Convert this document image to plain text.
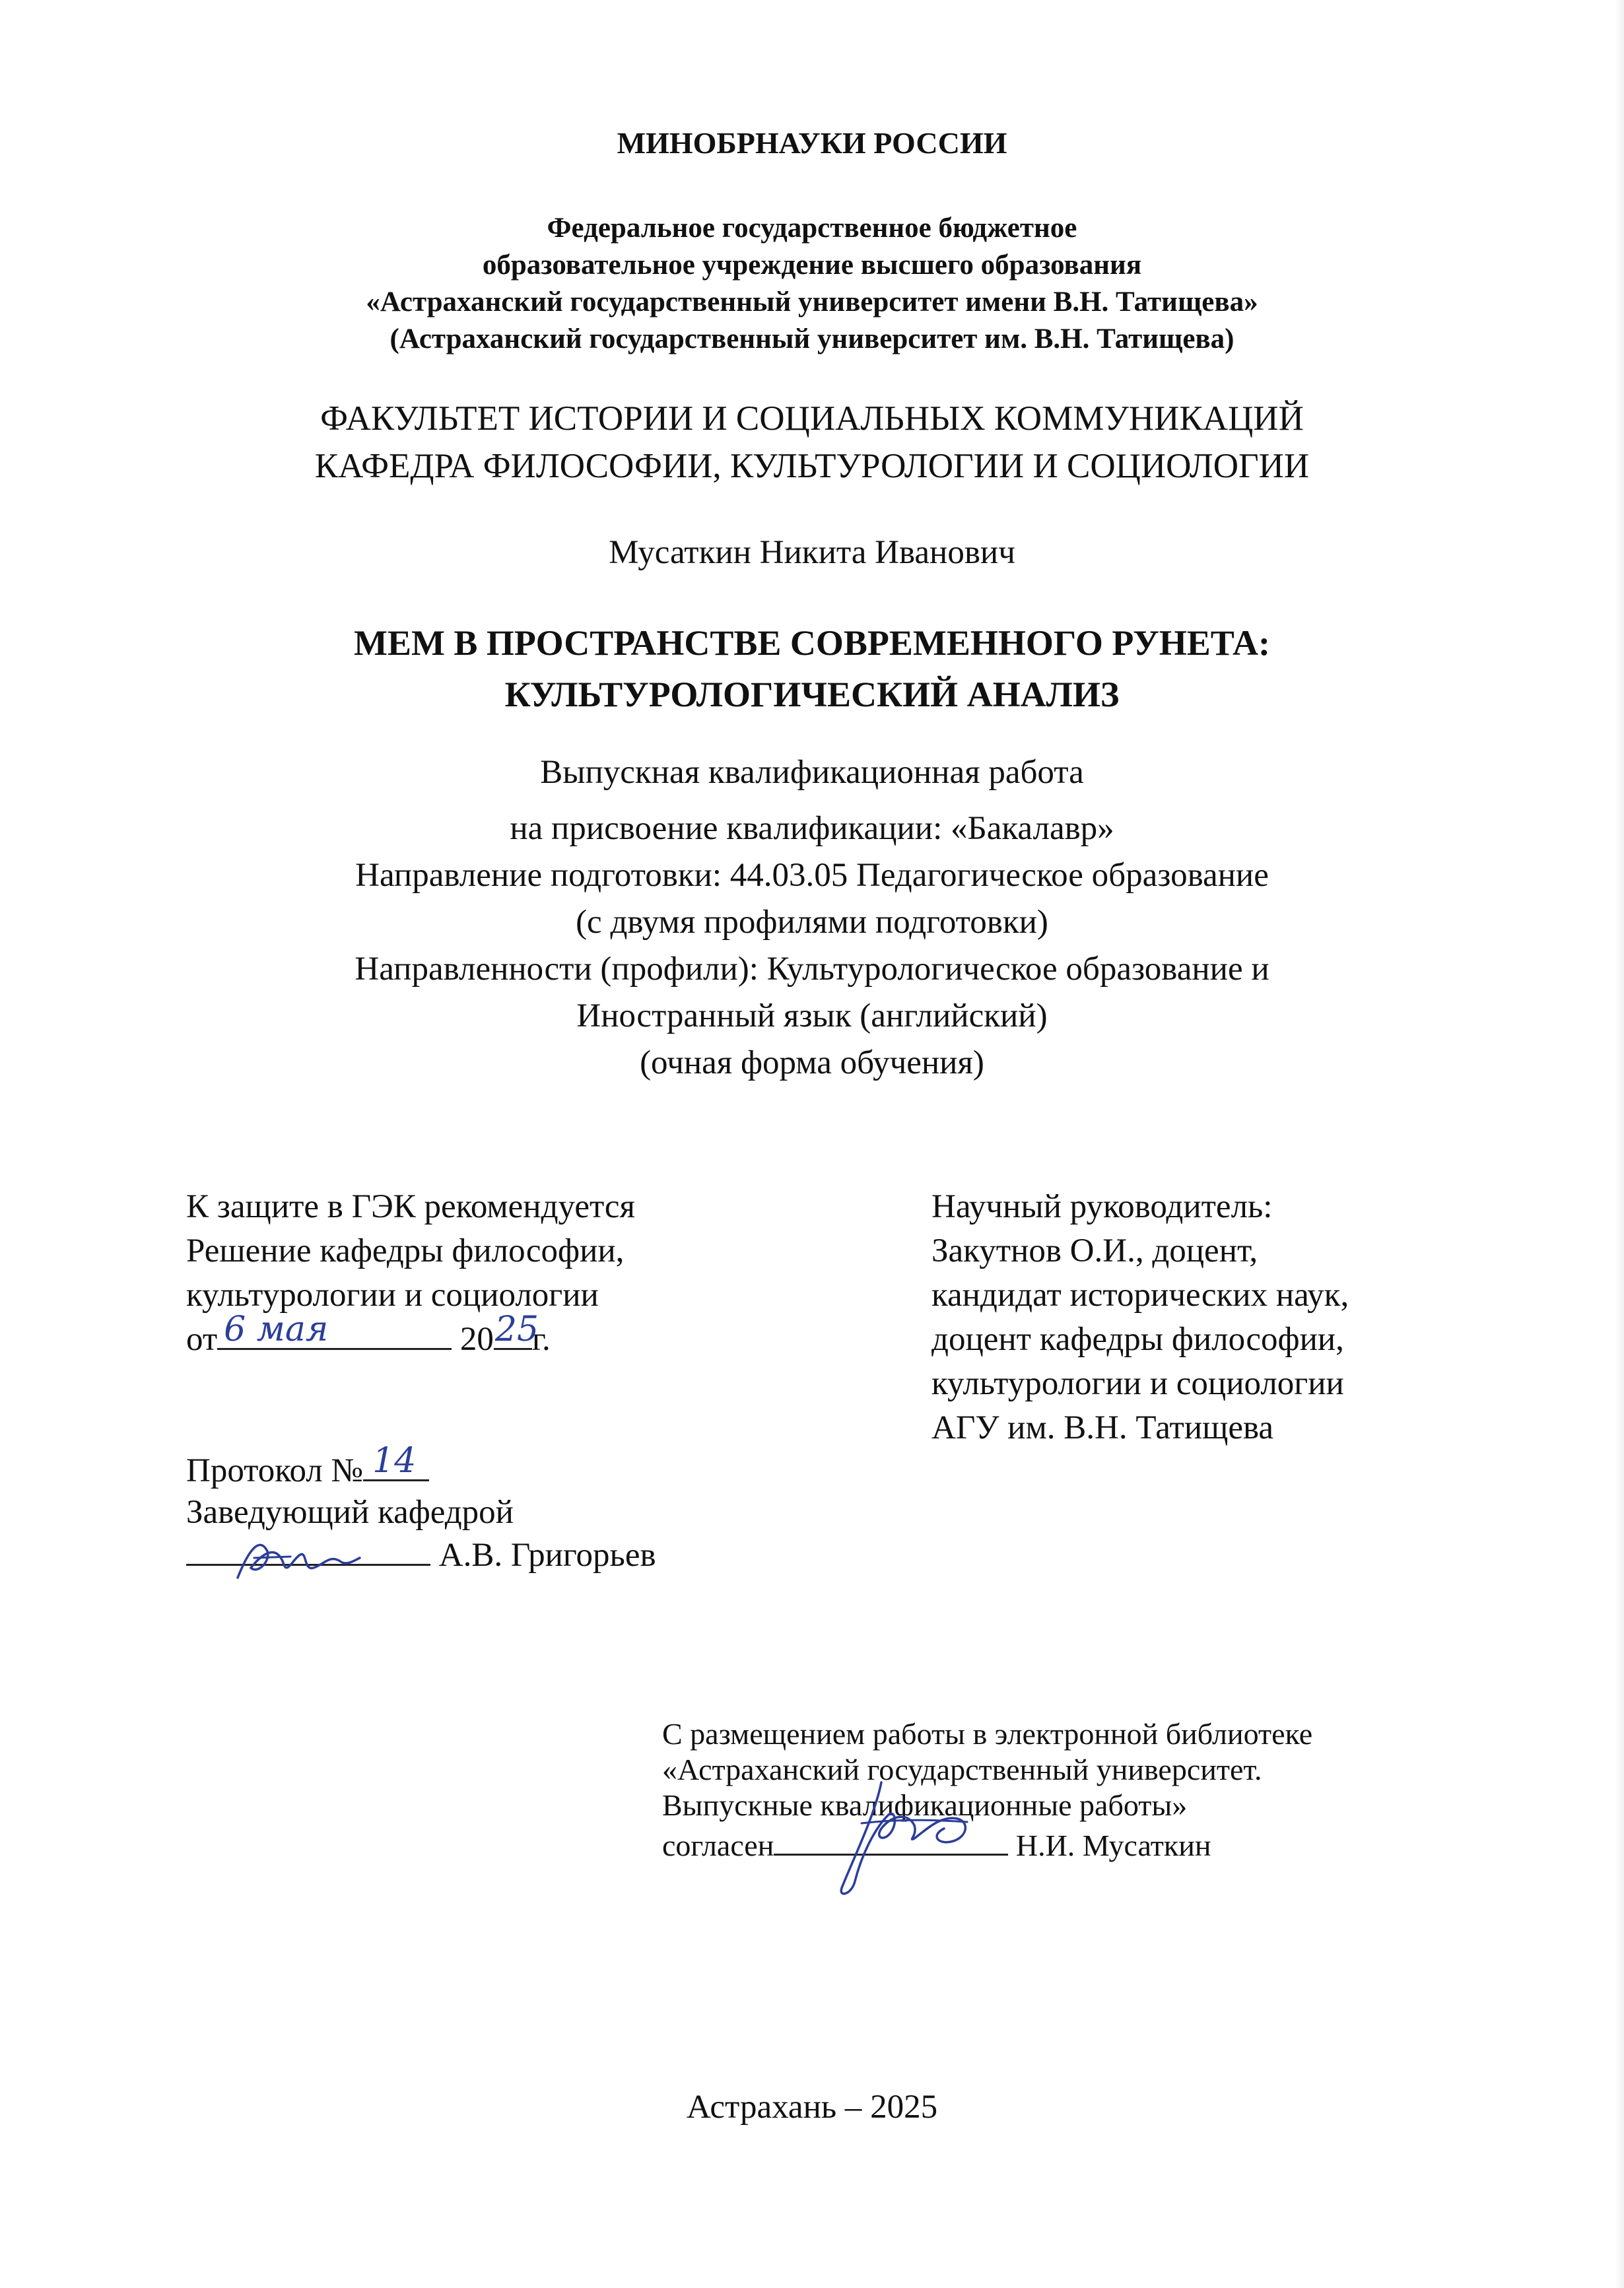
МИНОБРНАУКИ РОССИИ
Федеральное государственное бюджетное
образовательное учреждение высшего образования
«Астраханский государственный университет имени В.Н. Татищева»
(Астраханский государственный университет им. В.Н. Татищева)
ФАКУЛЬТЕТ ИСТОРИИ И СОЦИАЛЬНЫХ КОММУНИКАЦИЙ
КАФЕДРА ФИЛОСОФИИ, КУЛЬТУРОЛОГИИ И СОЦИОЛОГИИ
Мусаткин Никита Иванович
МЕМ В ПРОСТРАНСТВЕ СОВРЕМЕННОГО РУНЕТА:
КУЛЬТУРОЛОГИЧЕСКИЙ АНАЛИЗ
Выпускная квалификационная работа
на присвоение квалификации: «Бакалавр»
Направление подготовки: 44.03.05 Педагогическое образование
(с двумя профилями подготовки)
Направленности (профили): Культурологическое образование и
Иностранный язык (английский)
(очная форма обучения)
К защите в ГЭК рекомендуется
Решение кафедры философии,
культурологии и социологии
от 6 мая	20 25
г.
Протокол № 14
Заведующий кафедрой
А.В. Григорьев
Научный руководитель:
Закутнов О.И., доцент,
кандидат исторических наук,
доцент кафедры философии,
культурологии и социологии
АГУ им. В.Н. Татищева
С размещением работы в электронной библиотеке
«Астраханский государственный университет.
Выпускные квалификационные работы»
согласен	Н.И. Мусаткин
Астрахань – 2025
